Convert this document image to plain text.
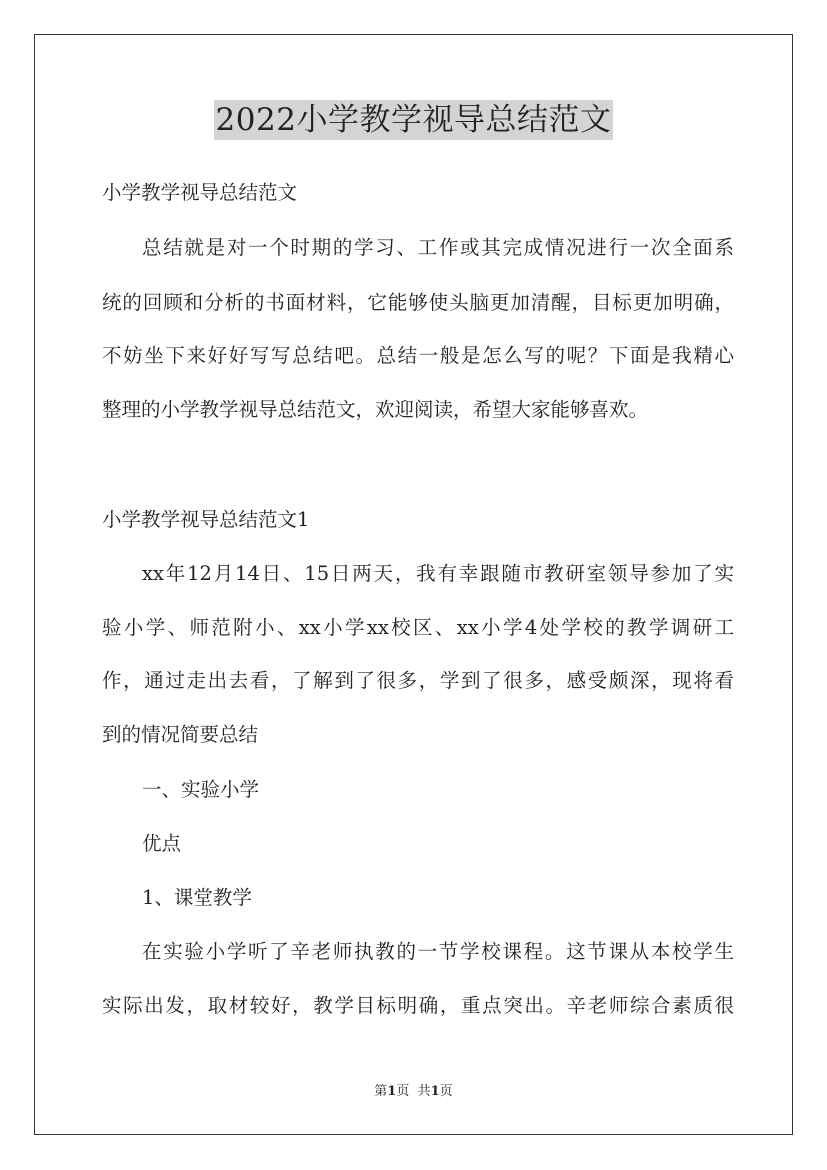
2022小学教学视导总结范文

小学教学视导总结范文

总结就是对一个时期的学习、工作或其完成情况进行一次全面系

统的回顾和分析的书面材料，它能够使头脑更加清醒，目标更加明确，

不妨坐下来好好写写总结吧。总结一般是怎么写的呢？下面是我精心

整理的小学教学视导总结范文，欢迎阅读，希望大家能够喜欢。

小学教学视导总结范文1

xx年12月14日、15日两天，我有幸跟随市教研室领导参加了实

验小学、师范附小、xx小学xx校区、xx小学4处学校的教学调研工

作，通过走出去看，了解到了很多，学到了很多，感受颇深，现将看

到的情况简要总结

一、实验小学

优点

1、课堂教学

在实验小学听了辛老师执教的一节学校课程。这节课从本校学生

实际出发，取材较好，教学目标明确，重点突出。辛老师综合素质很

第1页 共1页
